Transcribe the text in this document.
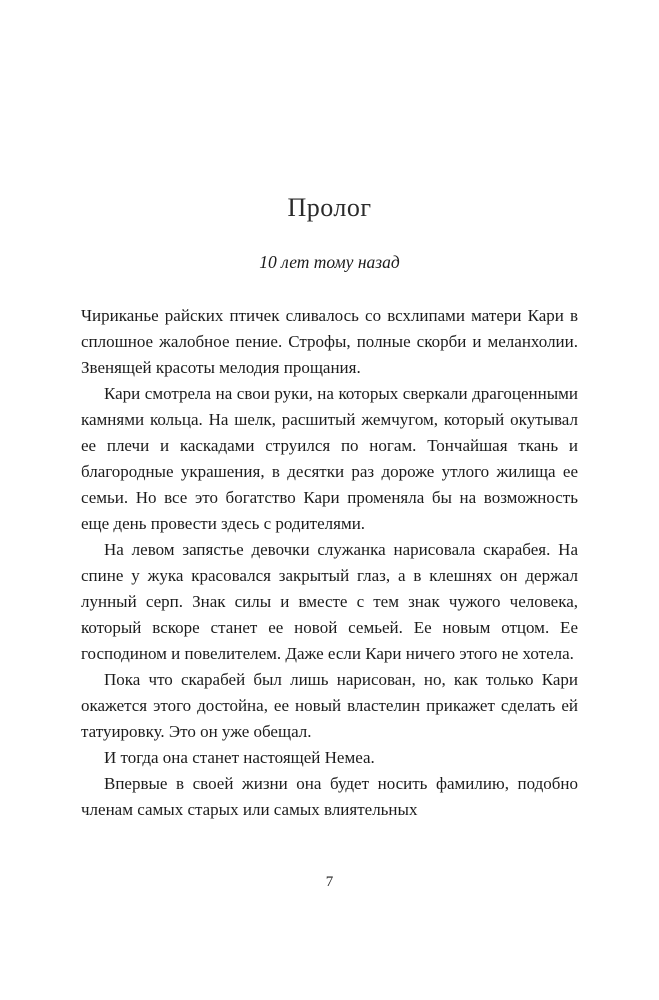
Пролог
10 лет тому назад

Чириканье райских птичек сливалось со всхлипами матери Кари в сплошное жалобное пение. Строфы, полные скорби и меланхолии. Звенящей красоты мелодия прощания.

Кари смотрела на свои руки, на которых сверкали драгоценными камнями кольца. На шелк, расшитый жемчугом, который окутывал ее плечи и каскадами струился по ногам. Тончайшая ткань и благородные украшения, в десятки раз дороже утлого жилища ее семьи. Но все это богатство Кари променяла бы на возможность еще день провести здесь с родителями.

На левом запястье девочки служанка нарисовала скарабея. На спине у жука красовался закрытый глаз, а в клешнях он держал лунный серп. Знак силы и вместе с тем знак чужого человека, который вскоре станет ее новой семьей. Ее новым отцом. Ее господином и повелителем. Даже если Кари ничего этого не хотела.

Пока что скарабей был лишь нарисован, но, как только Кари окажется этого достойна, ее новый властелин прикажет сделать ей татуировку. Это он уже обещал.

И тогда она станет настоящей Немеа.

Впервые в своей жизни она будет носить фамилию, подобно членам самых старых или самых влиятельных

7
